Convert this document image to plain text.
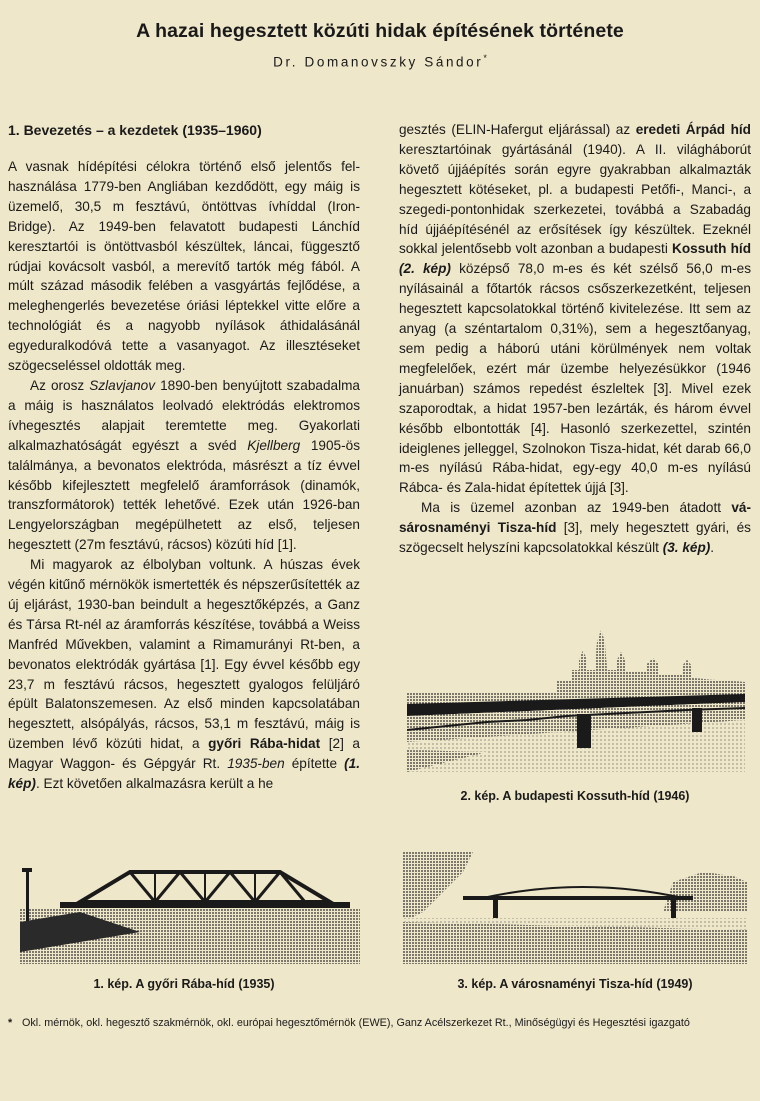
A hazai hegesztett közúti hidak építésének története
Dr. Domanovszky Sándor*
1. Bevezetés – a kezdetek (1935–1960)

A vasnak hídépítési célokra történő első jelentős felhasználása 1779-ben Angliában kezdődött, egy máig is üzemelő, 30,5 m fesztávú, öntöttvas ívhíddal (Iron-Bridge). Az 1949-ben felavatott budapesti Lánchíd keresztartói is öntöttvasból készültek, láncai, függesztő rúdjai kovácsolt vasból, a merevítő tartók még fából. A múlt század második felében a vasgyártás fejlődése, a meleghengerlés bevezetése óriási léptekkel vitte előre a technológiát és a nagyobb nyílások áthidalásánál egyeduralkodóvá tette a vasanyagot. Az illesztéseket szögecseléssel oldották meg.

Az orosz Szlavjanov 1890-ben benyújtott szabadalma a máig is használatos leolvadó elektródás elektromos ívhegesztés alapjait teremtette meg. Gyakorlati alkalmazhatóságát egyészt a svéd Kjellberg 1905-ös találmánya, a bevonatos elektróda, másrészt a tíz évvel később kifejlesztett megfelelő áramforrások (dinamók, transzformátorok) tették lehetővé. Ezek után 1926-ban Lengyelországban megépülhetett az első, teljesen hegesztett (27m fesztávú, rácsos) közúti híd [1].

Mi magyarok az élbolyban voltunk. A húszas évek végén kitűnő mérnökök ismertették és népszerűsítették az új eljárást, 1930-ban beindult a hegesztőképzés, a Ganz és Társa Rt-nél az áramforrás készítése, továbbá a Weiss Manfréd Művekben, valamint a Rimamurányi Rt-ben, a bevonatos elektródák gyártása [1]. Egy évvel később egy 23,7 m fesztávú rácsos, hegesztett gyalogos felüljáró épült Balatonszemesen. Az első minden kapcsolatában hegesztett, alsópályás, rácsos, 53,1 m fesztávú, máig is üzemben lévő közúti hidat, a győri Rába-hidat [2] a Magyar Waggon- és Gépgyár Rt. 1935-ben építette (1. kép). Ezt követően alkalmazásra került a he

gesztés (ELIN-Hafergut eljárással) az eredeti Árpád híd keresztartóinak gyártásánál (1940). A II. világháborút követő újjáépítés során egyre gyakrabban alkalmazták hegesztett kötéseket, pl. a budapesti Petőfi-, Manci-, a szegedi-pontonhidak szerkezetei, továbbá a Szabadág híd újjáépítésénél az erősítések így készültek. Ezeknél sokkal jelentősebb volt azonban a budapesti Kossuth híd (2. kép) középső 78,0 m-es és két szélső 56,0 m-es nyílásainál a főtartók rácsos csőszerkezetként, teljesen hegesztett kapcsolatokkal történő kivitelezése. Itt sem az anyag (a széntartalom 0,31%), sem a hegesztőanyag, sem pedig a háború utáni körülmények nem voltak megfelelőek, ezért már üzembe helyezésükkor (1946 januárban) számos repedést észleltek [3]. Mivel ezek szaporodtak, a hidat 1957-ben lezárták, és három évvel később elbontották [4]. Hasonló szerkezettel, szintén ideiglenes jelleggel, Szolnokon Tisza-hidat, két darab 66,0 m-es nyílású Rába-hidat, egy-egy 40,0 m-es nyílású Rábca- és Zala-hidat építettek újjá [3].

Ma is üzemel azonban az 1949-ben átadott vásárosnaményi Tisza-híd [3], mely hegesztett gyári, és szögecselt helyszíni kapcsolatokkal készült (3. kép).

2. kép. A budapesti Kossuth-híd (1946)
1. kép. A győri Rába-híd (1935)	3. kép. A városnaményi Tisza-híd (1949)
* Okl. mérnök, okl. hegesztő szakmérnök, okl. európai hegesztőmérnök (EWE), Ganz Acélszerkezet Rt., Minőségügyi és Hegesztési igazgató
